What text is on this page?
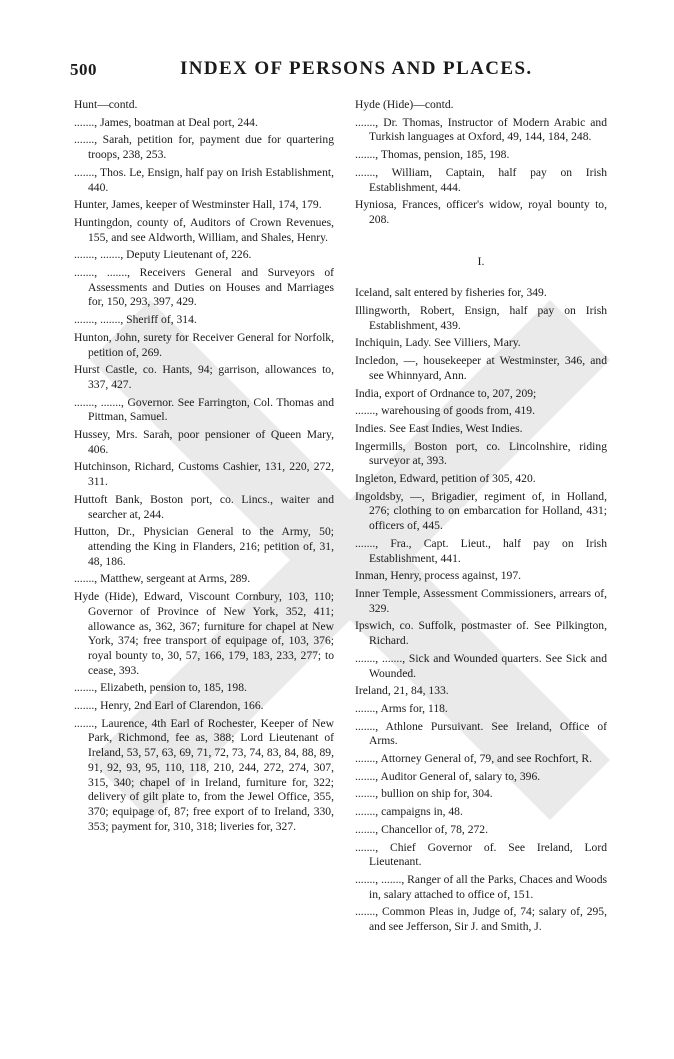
500	INDEX OF PERSONS AND PLACES.

Hunt—contd.

......., James, boatman at Deal port, 244.

......., Sarah, petition for, payment due for quartering troops, 238, 253.

......., Thos. Le, Ensign, half pay on Irish Establishment, 440.

Hunter, James, keeper of Westminster Hall, 174, 179.

Huntingdon, county of, Auditors of Crown Revenues, 155, and see Aldworth, William, and Shales, Henry.

......., ......., Deputy Lieutenant of, 226.

......., ......., Receivers General and Surveyors of Assessments and Duties on Houses and Marriages for, 150, 293, 397, 429.

......., ......., Sheriff of, 314.

Hunton, John, surety for Receiver General for Norfolk, petition of, 269.

Hurst Castle, co. Hants, 94; garrison, allowances to, 337, 427.

......., ......., Governor. See Farrington, Col. Thomas and Pittman, Samuel.

Hussey, Mrs. Sarah, poor pensioner of Queen Mary, 406.

Hutchinson, Richard, Customs Cashier, 131, 220, 272, 311.

Huttoft Bank, Boston port, co. Lincs., waiter and searcher at, 244.

Hutton, Dr., Physician General to the Army, 50; attending the King in Flanders, 216; petition of, 31, 48, 186.

......., Matthew, sergeant at Arms, 289.

Hyde (Hide), Edward, Viscount Cornbury, 103, 110; Governor of Province of New York, 352, 411; allowance as, 362, 367; furniture for chapel at New York, 374; free transport of equipage of, 103, 376; royal bounty to, 30, 57, 166, 179, 183, 233, 277; to cease, 393.

......., Elizabeth, pension to, 185, 198.

......., Henry, 2nd Earl of Clarendon, 166.

......., Laurence, 4th Earl of Rochester, Keeper of New Park, Richmond, fee as, 388; Lord Lieutenant of Ireland, 53, 57, 63, 69, 71, 72, 73, 74, 83, 84, 88, 89, 91, 92, 93, 95, 110, 118, 210, 244, 272, 274, 307, 315, 340; chapel of in Ireland, furniture for, 322; delivery of gilt plate to, from the Jewel Office, 355, 370; equipage of, 87; free export of to Ireland, 330, 353; payment for, 310, 318; liveries for, 327.

Hyde (Hide)—contd.

......., Dr. Thomas, Instructor of Modern Arabic and Turkish languages at Oxford, 49, 144, 184, 248.

......., Thomas, pension, 185, 198.

......., William, Captain, half pay on Irish Establishment, 444.

Hyniosa, Frances, officer's widow, royal bounty to, 208.

I.

Iceland, salt entered by fisheries for, 349.

Illingworth, Robert, Ensign, half pay on Irish Establishment, 439.

Inchiquin, Lady. See Villiers, Mary.

Incledon, —, housekeeper at Westminster, 346, and see Whinnyard, Ann.

India, export of Ordnance to, 207, 209;

......., warehousing of goods from, 419.

Indies. See East Indies, West Indies.

Ingermills, Boston port, co. Lincolnshire, riding surveyor at, 393.

Ingleton, Edward, petition of 305, 420.

Ingoldsby, —, Brigadier, regiment of, in Holland, 276; clothing to on embarcation for Holland, 431; officers of, 445.

......., Fra., Capt. Lieut., half pay on Irish Establishment, 441.

Inman, Henry, process against, 197.

Inner Temple, Assessment Commissioners, arrears of, 329.

Ipswich, co. Suffolk, postmaster of. See Pilkington, Richard.

......., ......., Sick and Wounded quarters. See Sick and Wounded.

Ireland, 21, 84, 133.

......., Arms for, 118.

......., Athlone Pursuivant. See Ireland, Office of Arms.

......., Attorney General of, 79, and see Rochfort, R.

......., Auditor General of, salary to, 396.

......., bullion on ship for, 304.

......., campaigns in, 48.

......., Chancellor of, 78, 272.

......., Chief Governor of. See Ireland, Lord Lieutenant.

......., ......., Ranger of all the Parks, Chaces and Woods in, salary attached to office of, 151.

......., Common Pleas in, Judge of, 74; salary of, 295, and see Jefferson, Sir J. and Smith, J.
